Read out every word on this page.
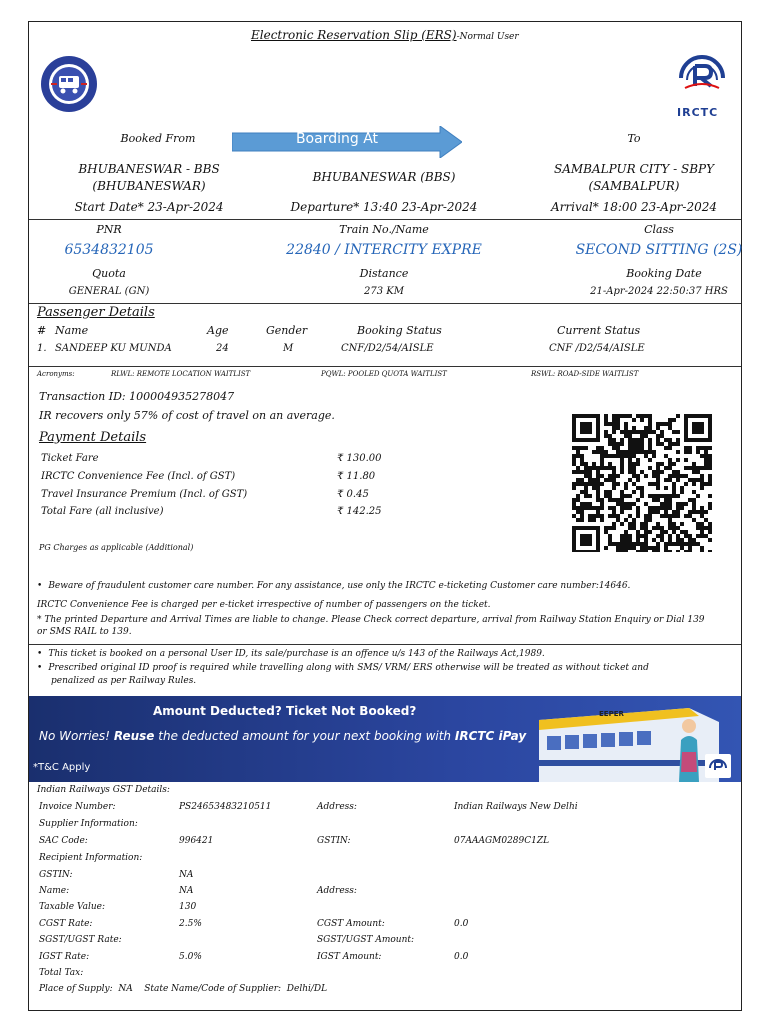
Electronic Reservation Slip (ERS)-Normal User
IRCTC
Booked From	Boarding At	To
BHUBANESWAR - BBS
(BHUBANESWAR)
BHUBANESWAR (BBS)
SAMBALPUR CITY - SBPY
(SAMBALPUR)
Start Date* 23-Apr-2024	Departure* 13:40 23-Apr-2024	Arrival* 18:00 23-Apr-2024
PNR	Train No./Name	Class
6534832105	22840 / INTERCITY EXPRE	SECOND SITTING (2S)
Quota	Distance	Booking Date
GENERAL (GN)	273 KM	21-Apr-2024 22:50:37 HRS
Passenger Details
# Name	Age	Gender	Booking Status	Current Status
1. SANDEEP KU MUNDA	24	M	CNF/D2/54/AISLE	CNF /D2/54/AISLE
Acronyms:	RLWL: REMOTE LOCATION WAITLIST	PQWL: POOLED QUOTA WAITLIST	RSWL: ROAD-SIDE WAITLIST
Transaction ID: 100004935278047
IR recovers only 57% of cost of travel on an average.
Payment Details
Ticket Fare	₹ 130.00
IRCTC Convenience Fee (Incl. of GST)	₹ 11.80
Travel Insurance Premium (Incl. of GST)	₹ 0.45
Total Fare (all inclusive)	₹ 142.25
PG Charges as applicable (Additional)
• Beware of fraudulent customer care number. For any assistance, use only the IRCTC e-ticketing Customer care number:14646.
IRCTC Convenience Fee is charged per e-ticket irrespective of number of passengers on the ticket.
* The printed Departure and Arrival Times are liable to change. Please Check correct departure, arrival from Railway Station Enquiry or Dial 139
or SMS RAIL to 139.
• This ticket is booked on a personal User ID, its sale/purchase is an offence u/s 143 of the Railways Act,1989.
• Prescribed original ID proof is required while travelling along with SMS/ VRM/ ERS otherwise will be treated as without ticket and
penalized as per Railway Rules.
Amount Deducted? Ticket Not Booked?
No Worries! Reuse the deducted amount for your next booking with IRCTC iPay
*T&C Apply
EEPER
Indian Railways GST Details:
Invoice Number:	PS24653483210511	Address:	Indian Railways New Delhi
Supplier Information:
SAC Code:	996421	GSTIN:	07AAAGM0289C1ZL
Recipient Information:
GSTIN:	NA
Name:	NA	Address:
Taxable Value:	130
CGST Rate:	2.5%	CGST Amount:	0.0
SGST/UGST Rate:	SGST/UGST Amount:
IGST Rate:	5.0%	IGST Amount:	0.0
Total Tax:
Place of Supply: NA State Name/Code of Supplier: Delhi/DL
